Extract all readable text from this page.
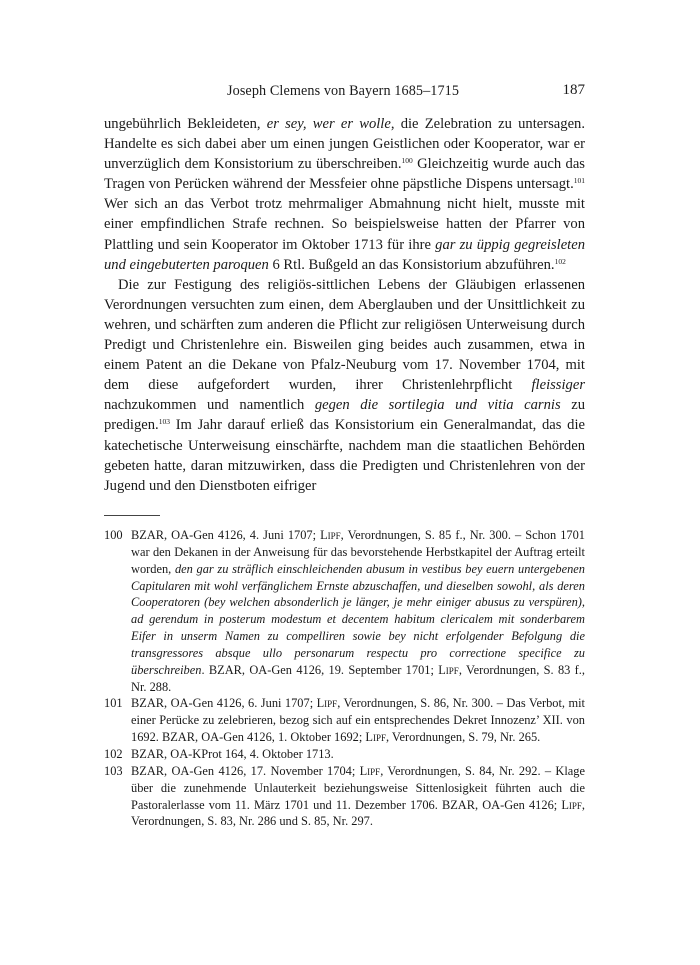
Joseph Clemens von Bayern 1685–1715	187

ungebührlich Bekleideten, er sey, wer er wolle, die Zelebration zu untersagen. Handelte es sich dabei aber um einen jungen Geistlichen oder Kooperator, war er unverzüglich dem Konsistorium zu überschreiben.$^{100}$ Gleichzeitig wurde auch das Tragen von Perücken während der Messfeier ohne päpstliche Dispens untersagt.$^{101}$ Wer sich an das Verbot trotz mehrmaliger Abmahnung nicht hielt, musste mit einer empfindlichen Strafe rechnen. So beispielsweise hatten der Pfarrer von Plattling und sein Kooperator im Oktober 1713 für ihre gar zu üppig gegreisleten und eingebuterten paroquen 6 Rtl. Bußgeld an das Konsistorium abzuführen.$^{102}$

Die zur Festigung des religiös-sittlichen Lebens der Gläubigen erlassenen Verordnungen versuchten zum einen, dem Aberglauben und der Unsittlichkeit zu wehren, und schärften zum anderen die Pflicht zur religiösen Unterweisung durch Predigt und Christenlehre ein. Bisweilen ging beides auch zusammen, etwa in einem Patent an die Dekane von Pfalz-Neuburg vom 17. November 1704, mit dem diese aufgefordert wurden, ihrer Christenlehrpflicht fleissiger nachzukommen und namentlich gegen die sortilegia und vitia carnis zu predigen.$^{103}$ Im Jahr darauf erließ das Konsistorium ein Generalmandat, das die katechetische Unterweisung einschärfte, nachdem man die staatlichen Behörden gebeten hatte, daran mitzuwirken, dass die Predigten und Christenlehren von der Jugend und den Dienstboten eifriger

100 BZAR, OA-Gen 4126, 4. Juni 1707; Lipf, Verordnungen, S. 85 f., Nr. 300. – Schon 1701 war den Dekanen in der Anweisung für das bevorstehende Herbstkapitel der Auftrag erteilt worden, den gar zu sträflich einschleichenden abusum in vestibus bey euern untergebenen Capitularen mit wohl verfänglichem Ernste abzuschaffen, und dieselben sowohl, als deren Cooperatoren (bey welchen absonderlich je länger, je mehr einiger abusus zu verspüren), ad gerendum in posterum modestum et decentem habitum clericalem mit sonderbarem Eifer in unserm Namen zu compelliren sowie bey nicht erfolgender Befolgung die transgressores absque ullo personarum respectu pro correctione specifice zu überschreiben. BZAR, OA-Gen 4126, 19. September 1701; Lipf, Verordnungen, S. 83 f., Nr. 288.
101 BZAR, OA-Gen 4126, 6. Juni 1707; Lipf, Verordnungen, S. 86, Nr. 300. – Das Verbot, mit einer Perücke zu zelebrieren, bezog sich auf ein entsprechendes Dekret Innozenz’ XII. von 1692. BZAR, OA-Gen 4126, 1. Oktober 1692; Lipf, Verordnungen, S. 79, Nr. 265.
102 BZAR, OA-KProt 164, 4. Oktober 1713.
103 BZAR, OA-Gen 4126, 17. November 1704; Lipf, Verordnungen, S. 84, Nr. 292. – Klage über die zunehmende Unlauterkeit beziehungsweise Sittenlosigkeit führten auch die Pastoralerlasse vom 11. März 1701 und 11. Dezember 1706. BZAR, OA-Gen 4126; Lipf, Verordnungen, S. 83, Nr. 286 und S. 85, Nr. 297.
